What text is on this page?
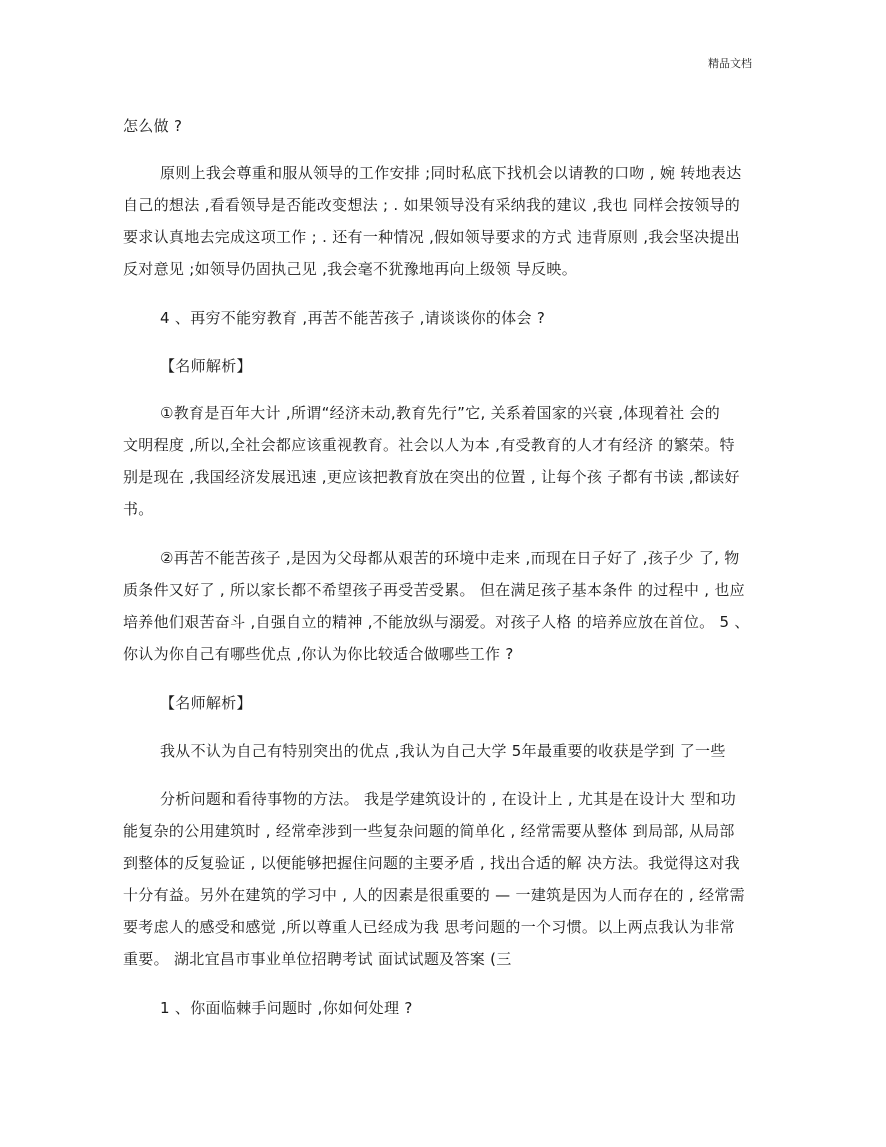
精品文档
怎么做 ?
原则上我会尊重和服从领导的工作安排 ;同时私底下找机会以请教的口吻 , 婉 转地表达
自己的想法 ,看看领导是否能改变想法 ; . 如果领导没有采纳我的建议 ,我也 同样会按领导的
要求认真地去完成这项工作 ; . 还有一种情况 ,假如领导要求的方式 违背原则 ,我会坚决提出
反对意见 ;如领导仍固执己见 ,我会毫不犹豫地再向上级领 导反映。
4 、再穷不能穷教育 ,再苦不能苦孩子 ,请谈谈你的体会 ?
【名师解析】
①教育是百年大计 ,所谓“经济未动,教育先行”它, 关系着国家的兴衰 ,体现着社 会的
文明程度 ,所以,全社会都应该重视教育。社会以人为本 ,有受教育的人才有经济 的繁荣。特
别是现在 ,我国经济发展迅速 ,更应该把教育放在突出的位置 , 让每个孩 子都有书读 ,都读好
书。
②再苦不能苦孩子 ,是因为父母都从艰苦的环境中走来 ,而现在日子好了 ,孩子少 了, 物
质条件又好了 , 所以家长都不希望孩子再受苦受累。 但在满足孩子基本条件 的过程中 , 也应
培养他们艰苦奋斗 ,自强自立的精神 ,不能放纵与溺爱。对孩子人格 的培养应放在首位。 5 、
你认为你自己有哪些优点 ,你认为你比较适合做哪些工作 ?
【名师解析】
我从不认为自己有特别突出的优点 ,我认为自己大学 5年最重要的收获是学到 了一些
分析问题和看待事物的方法。 我是学建筑设计的 , 在设计上 , 尤其是在设计大 型和功
能复杂的公用建筑时 , 经常牵涉到一些复杂问题的简单化 , 经常需要从整体 到局部, 从局部
到整体的反复验证 , 以便能够把握住问题的主要矛盾 , 找出合适的解 决方法。我觉得这对我
十分有益。另外在建筑的学习中 , 人的因素是很重要的 — 一建筑是因为人而存在的 , 经常需
要考虑人的感受和感觉 ,所以尊重人已经成为我 思考问题的一个习惯。以上两点我认为非常
重要。 湖北宜昌市事业单位招聘考试 面试试题及答案 (三
1 、你面临棘手问题时 ,你如何处理 ?
